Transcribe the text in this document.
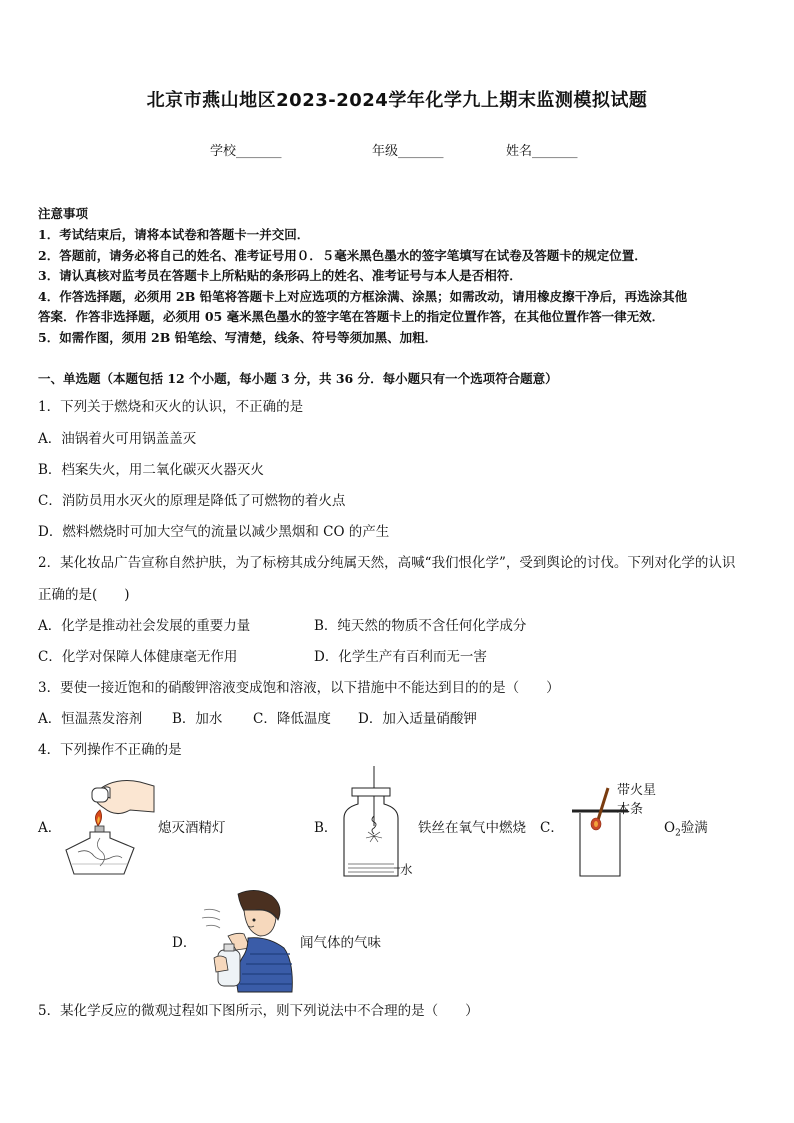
北京市燕山地区2023-2024学年化学九上期末监测模拟试题
学校_______	年级_______	姓名_______
注意事项
1．考试结束后，请将本试卷和答题卡一并交回．
2．答题前，请务必将自己的姓名、准考证号用０．５毫米黑色墨水的签字笔填写在试卷及答题卡的规定位置．
3．请认真核对监考员在答题卡上所粘贴的条形码上的姓名、准考证号与本人是否相符．
4．作答选择题，必须用 2B 铅笔将答题卡上对应选项的方框涂满、涂黑；如需改动，请用橡皮擦干净后，再选涂其他
答案．作答非选择题，必须用 05 毫米黑色墨水的签字笔在答题卡上的指定位置作答，在其他位置作答一律无效．
5．如需作图，须用 2B 铅笔绘、写清楚，线条、符号等须加黑、加粗．
一、单选题（本题包括 12 个小题，每小题 3 分，共 36 分．每小题只有一个选项符合题意）
1．下列关于燃烧和灭火的认识，不正确的是
A．油锅着火可用锅盖盖灭
B．档案失火，用二氧化碳灭火器灭火
C．消防员用水灭火的原理是降低了可燃物的着火点
D．燃料燃烧时可加大空气的流量以减少黑烟和 CO 的产生
2．某化妆品广告宣称自然护肤，为了标榜其成分纯属天然，高喊“我们恨化学”，受到舆论的讨伐。下列对化学的认识
正确的是(　　)
A．化学是推动社会发展的重要力量	B．纯天然的物质不含任何化学成分
C．化学对保障人体健康毫无作用	D．化学生产有百利而无一害
3．要使一接近饱和的硝酸钾溶液变成饱和溶液，以下措施中不能达到目的的是（　　）
A．恒温蒸发溶剂 B．加水 C．降低温度 D．加入适量硝酸钾
4．下列操作不正确的是
A．	熄灭酒精灯	B．
水
铁丝在氧气中燃烧 C．
带火星
木条
$O_2$验满
D．	闻气体的气味
5．某化学反应的微观过程如下图所示，则下列说法中不合理的是（　　）
